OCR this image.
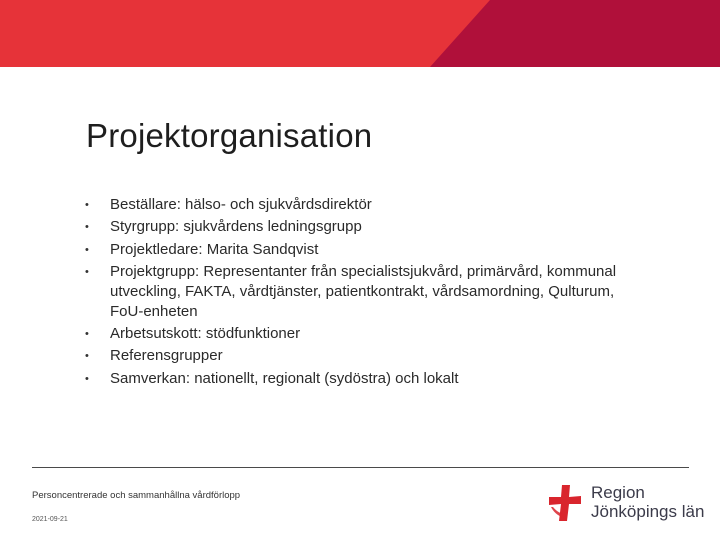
Projektorganisation
• Beställare: hälso- och sjukvårdsdirektör
• Styrgrupp: sjukvårdens ledningsgrupp
• Projektledare: Marita Sandqvist
• Projektgrupp: Representanter från specialistsjukvård, primärvård, kommunal utveckling, FAKTA, vårdtjänster, patientkontrakt, vårdsamordning, Qulturum, FoU-enheten
• Arbetsutskott: stödfunktioner
• Referensgrupper
• Samverkan: nationellt, regionalt (sydöstra) och lokalt
Personcentrerade och sammanhållna vårdförlopp
2021-09-21
Region
Jönköpings län
